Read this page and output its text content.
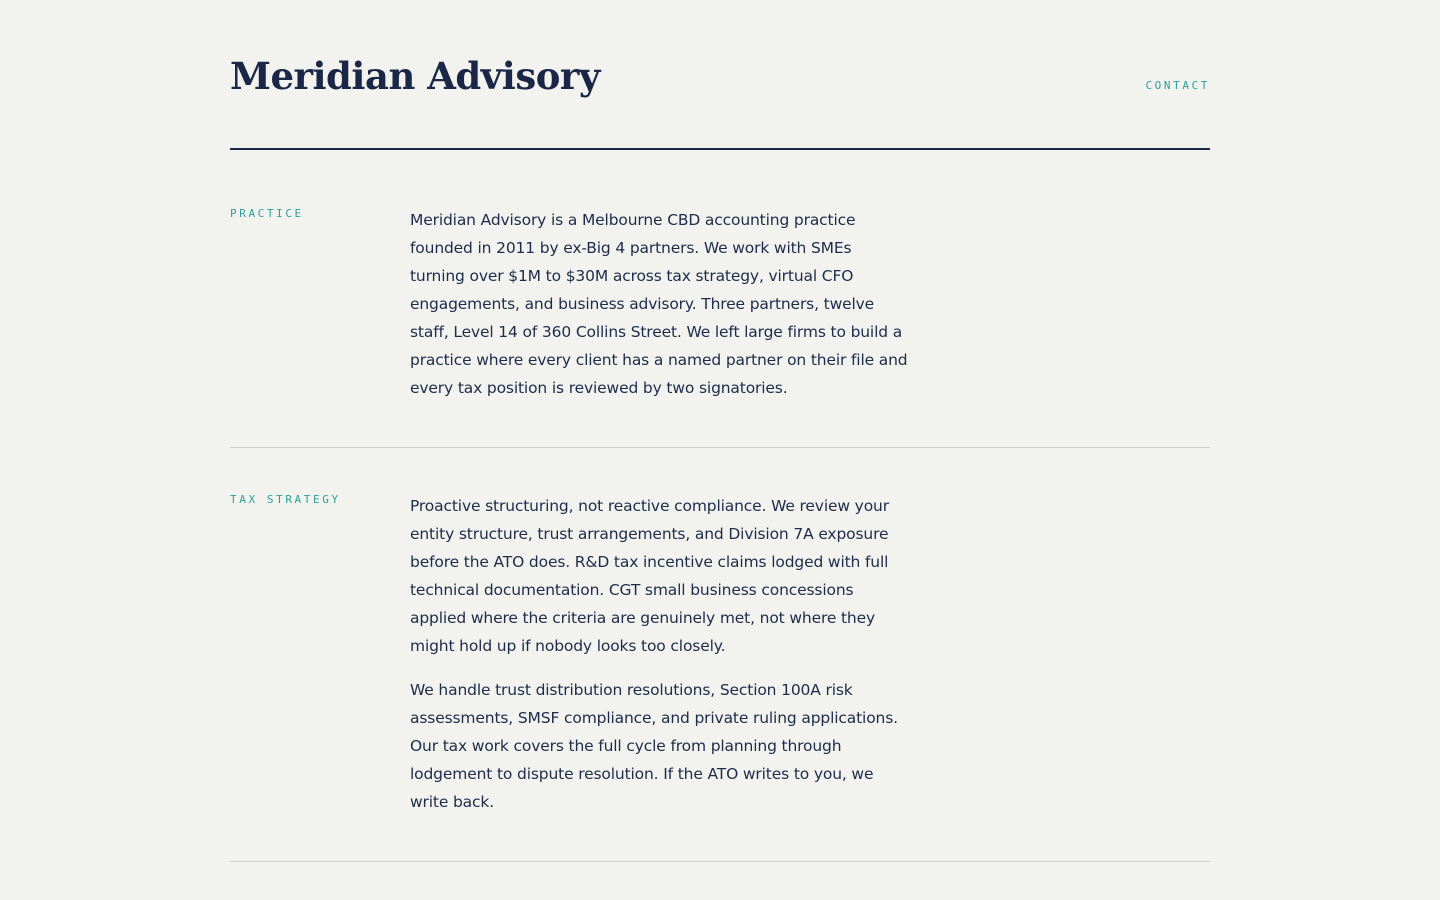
Meridian Advisory	CONTACT
PRACTICE	Meridian Advisory is a Melbourne CBD accounting practice founded in 2011 by ex-Big 4 partners. We work with SMEs turning over $1M to $30M across tax strategy, virtual CFO engagements, and business advisory. Three partners, twelve staff, Level 14 of 360 Collins Street. We left large firms to build a practice where every client has a named partner on their file and every tax position is reviewed by two signatories.

TAX STRATEGY	Proactive structuring, not reactive compliance. We review your entity structure, trust arrangements, and Division 7A exposure before the ATO does. R&D tax incentive claims lodged with full technical documentation. CGT small business concessions applied where the criteria are genuinely met, not where they might hold up if nobody looks too closely.

We handle trust distribution resolutions, Section 100A risk assessments, SMSF compliance, and private ruling applications. Our tax work covers the full cycle from planning through lodgement to dispute resolution. If the ATO writes to you, we write back.
